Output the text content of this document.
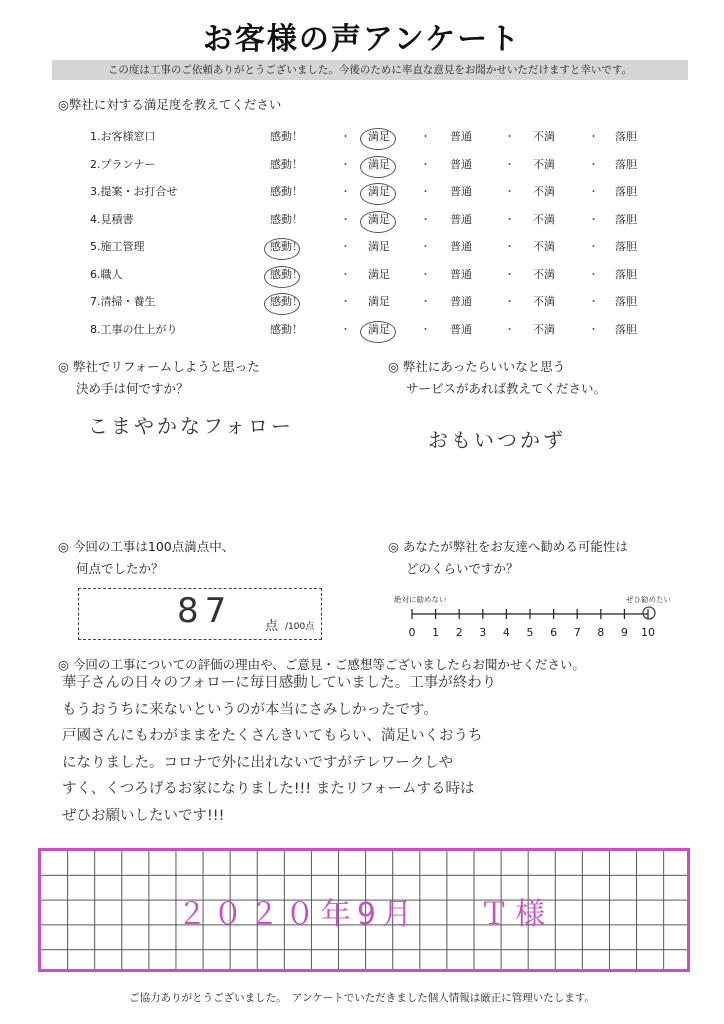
お客様の声アンケート
この度は工事のご依頼ありがとうございました。今後のために率直な意見をお聞かせいただけますと幸いです。
◎弊社に対する満足度を教えてください
1.お客様窓口	感動！	・ 満足	・ 普通	・ 不満	・ 落胆
2.プランナー	感動！	・ 満足	・ 普通	・ 不満	・ 落胆
3.提案・お打合せ	感動！	・ 満足	・ 普通	・ 不満	・ 落胆
4.見積書	感動！	・ 満足	・ 普通	・ 不満	・ 落胆
5.施工管理	感動！	・ 満足	・ 普通	・ 不満	・ 落胆
6.職人	感動！	・ 満足	・ 普通	・ 不満	・ 落胆
7.清掃・養生	感動！	・ 満足	・ 普通	・ 不満	・ 落胆
8.工事の仕上がり	感動！	・ 満足	・ 普通	・ 不満	・ 落胆
◎ 弊社でリフォームしようと思った
決め手は何ですか？
こまやかなフォロー
◎ 弊社にあったらいいなと思う
サービスがあれば教えてください。
おもいつかず
◎ 今回の工事は100点満点中、
何点でしたか？
87	点 /100点
◎ あなたが弊社をお友達へ勧める可能性は
どのくらいですか？
絶対に勧めない	ぜひ勧めたい
0 1 2 3 4 5 6 7 8 9 10
◎ 今回の工事についての評価の理由や、ご意見・ご感想等ございましたらお聞かせください。
華子さんの日々のフォローに毎日感動していました。工事が終わり
もうおうちに来ないというのが本当にさみしかったです。
戸國さんにもわがままをたくさんきいてもらい、満足いくおうち
になりました。コロナで外に出れないですがテレワークしや
すく、くつろげるお家になりました!!! またリフォームする時は
ぜひお願いしたいです!!!
２０２０年9月 Ｔ様
ご協力ありがとうございました。　アンケートでいただきました個人情報は厳正に管理いたします。
